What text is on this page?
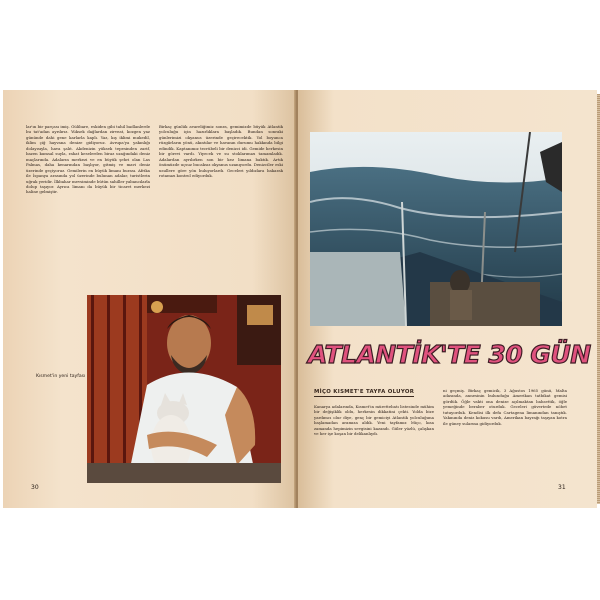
lar'ın bir parçası imiş. Gülibare, eskiden gibi tahil badlanlerde bu tat'adan ayrılırız. Yüksek dağlardan zirveat, kozgen yaz gününde dahi gene karlarla kaplı. Yaz, kış iklimi mukedil, iklim çiğ hayvana denize gidiyoruz. Avrupa'ya yakınlığı dolayısıyla, hava şalıt. Akdenizin yüksek tepesinden zarif, bazen kumsal suyla, rahat keselerden biraz uzağındaki deniz maçlarında. Adaların merkezi ve en büyük şehri olan Las Palmas, daha kenarından başlıyor, gitmiş ve mavi deniz üzerinde geçiyoruz. Gemilerin en büyük limanı burası. Afrika ile İspanya arasında yol üzerinde bulunan adalar, turistlerin uğrak yeridir. İlkbahar mevsiminde bütün sahiller yabancılarla dolup taşıyor. Ayrıca limanı da büyük bir ticaret merkezi haline gelmiştir.

Birkaç günlük avareliğimiz sonra, gemimizde büyük Atlantik yolculuğu için hazırlıklara başladık. Bundan sonraki günlerimizi okyanus üzerinde geçirecektik. Yol boyunca rüzgârların yönü, akıntılar ve havanın durumu hakkında bilgi edindik. Kaptanımız tecrübeli bir denizci idi. Gemide herkesin bir görevi vardı. Yiyecek ve su stoklarımızı tamamladık. Adalardan ayrılırken son bir kez limana baktık. Artık önümüzde uçsuz bucaksız okyanus uzanıyordu. Denizciler eski usullere göre yön buluyorlardı. Geceleri yıldızlara bakarak rotamızı kontrol ediyorduk.

Kısmet'in yeni tayfası
30
ATLANTİK'TE 30 GÜN
MİÇO KISMET'E TAYFA OLUYOR

Kanarya adalarında, Kısmet'in mürettebatı listesinde mühim bir değişiklik oldu, herkesin dikkatini çekti. Yolda bize yardımcı olur diye, genç bir gemiciyi Atlantik yolculuğuna başlamadan aramıza aldık. Yeni tayfamız Miço, kısa zamanda hepimizin sevgisini kazandı. Güler yüzlü, çalışkan ve her işe koşan bir delikanlıydı.

ni geçmiş. Birkaç gemicik, 3 Ağustos 1965 günü, Malta adasında, annesinin bulunduğu Amerikan tatbikat gemisi gördük. Öğle vakti ona denize açılmaktan bahsettik, öğle yemeğinde beraber oturduk. Geceleri güvertede nöbet tutuyorduk. Kendisi ilk defa Cartagena limanından tanıştık. Yakınında deniz kokusu vardı, Amerikan bayrağı taşıyan kotra ile güney sularına gidiyorduk.

31
